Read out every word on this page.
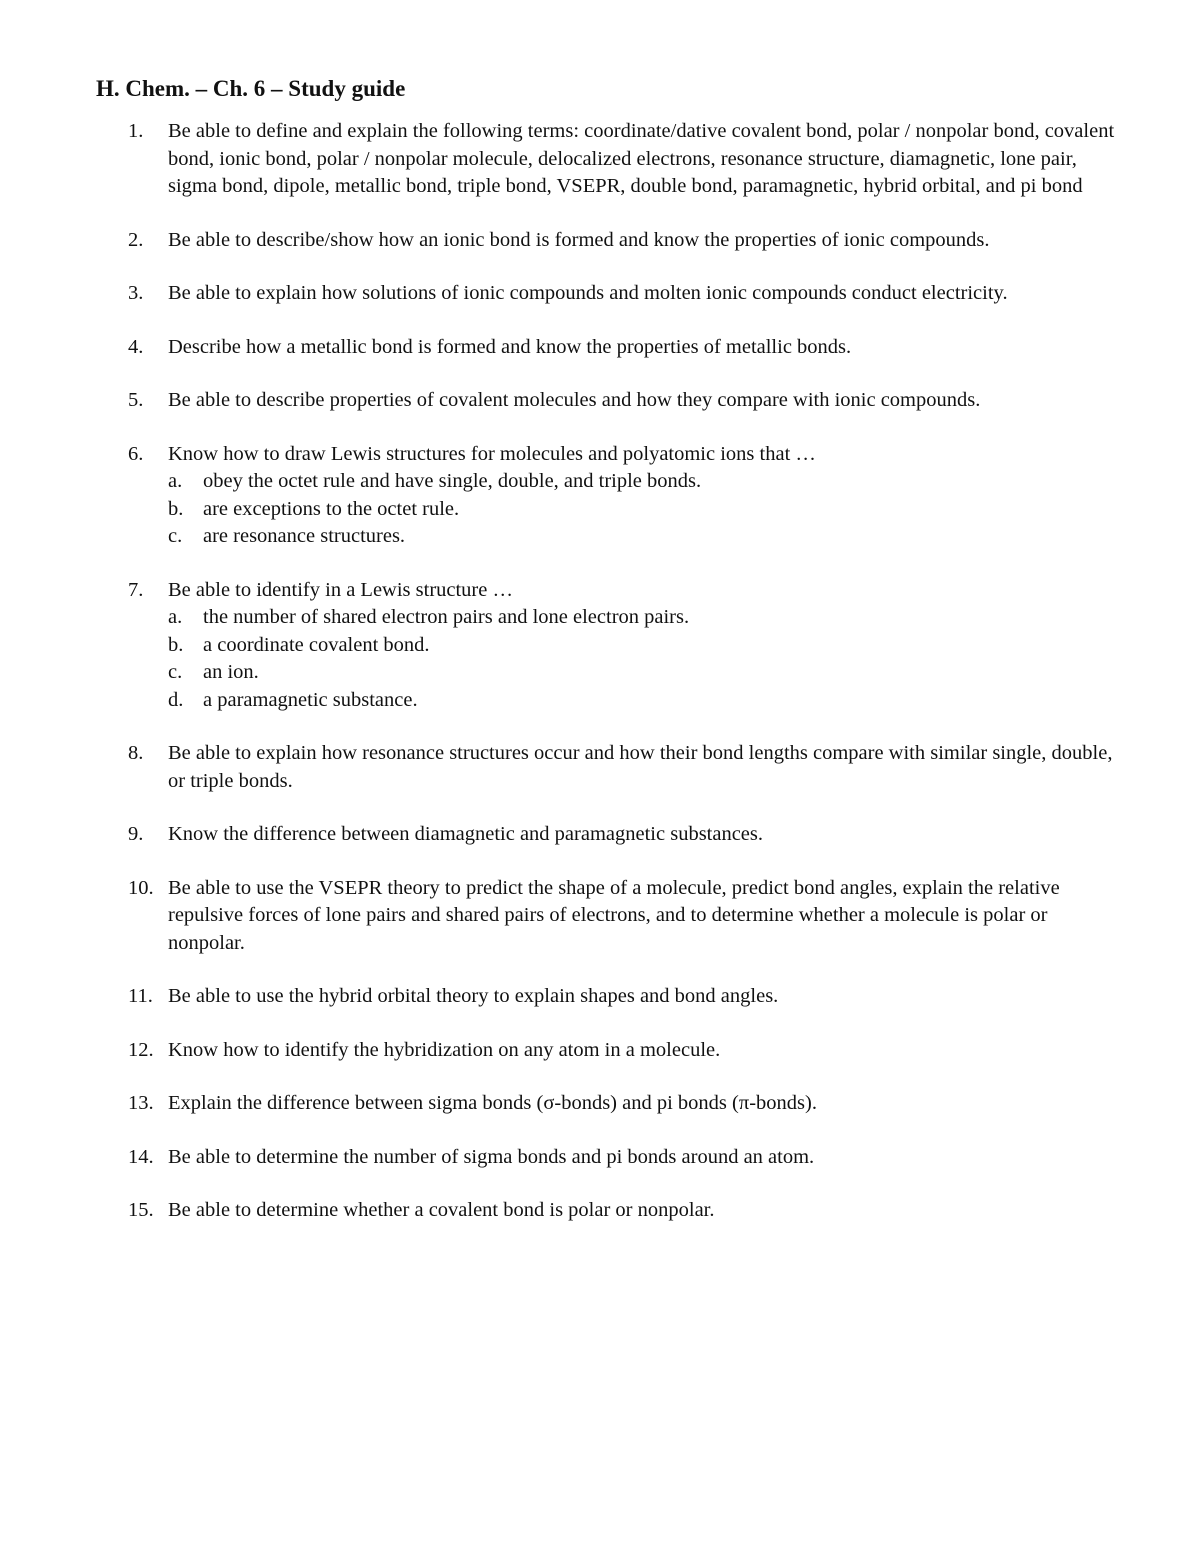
H. Chem. – Ch. 6 – Study guide
1.	Be able to define and explain the following terms: coordinate/dative covalent bond, polar / nonpolar bond, covalent bond, ionic bond, polar / nonpolar molecule, delocalized electrons, resonance structure, diamagnetic, lone pair, sigma bond, dipole, metallic bond, triple bond, VSEPR, double bond, paramagnetic, hybrid orbital, and pi bond
2.	Be able to describe/show how an ionic bond is formed and know the properties of ionic compounds.
3.	Be able to explain how solutions of ionic compounds and molten ionic compounds conduct electricity.
4.	Describe how a metallic bond is formed and know the properties of metallic bonds.
5.	Be able to describe properties of covalent molecules and how they compare with ionic compounds.
6.	Know how to draw Lewis structures for molecules and polyatomic ions that …
a. obey the octet rule and have single, double, and triple bonds.
b. are exceptions to the octet rule.
c. are resonance structures.
7.	Be able to identify in a Lewis structure …
a. the number of shared electron pairs and lone electron pairs.
b. a coordinate covalent bond.
c. an ion.
d. a paramagnetic substance.
8.	Be able to explain how resonance structures occur and how their bond lengths compare with similar single, double, or triple bonds.
9.	Know the difference between diamagnetic and paramagnetic substances.
10. Be able to use the VSEPR theory to predict the shape of a molecule, predict bond angles, explain the relative repulsive forces of lone pairs and shared pairs of electrons, and to determine whether a molecule is polar or nonpolar.
11. Be able to use the hybrid orbital theory to explain shapes and bond angles.
12. Know how to identify the hybridization on any atom in a molecule.
13. Explain the difference between sigma bonds (σ-bonds) and pi bonds (π-bonds).
14. Be able to determine the number of sigma bonds and pi bonds around an atom.
15. Be able to determine whether a covalent bond is polar or nonpolar.
